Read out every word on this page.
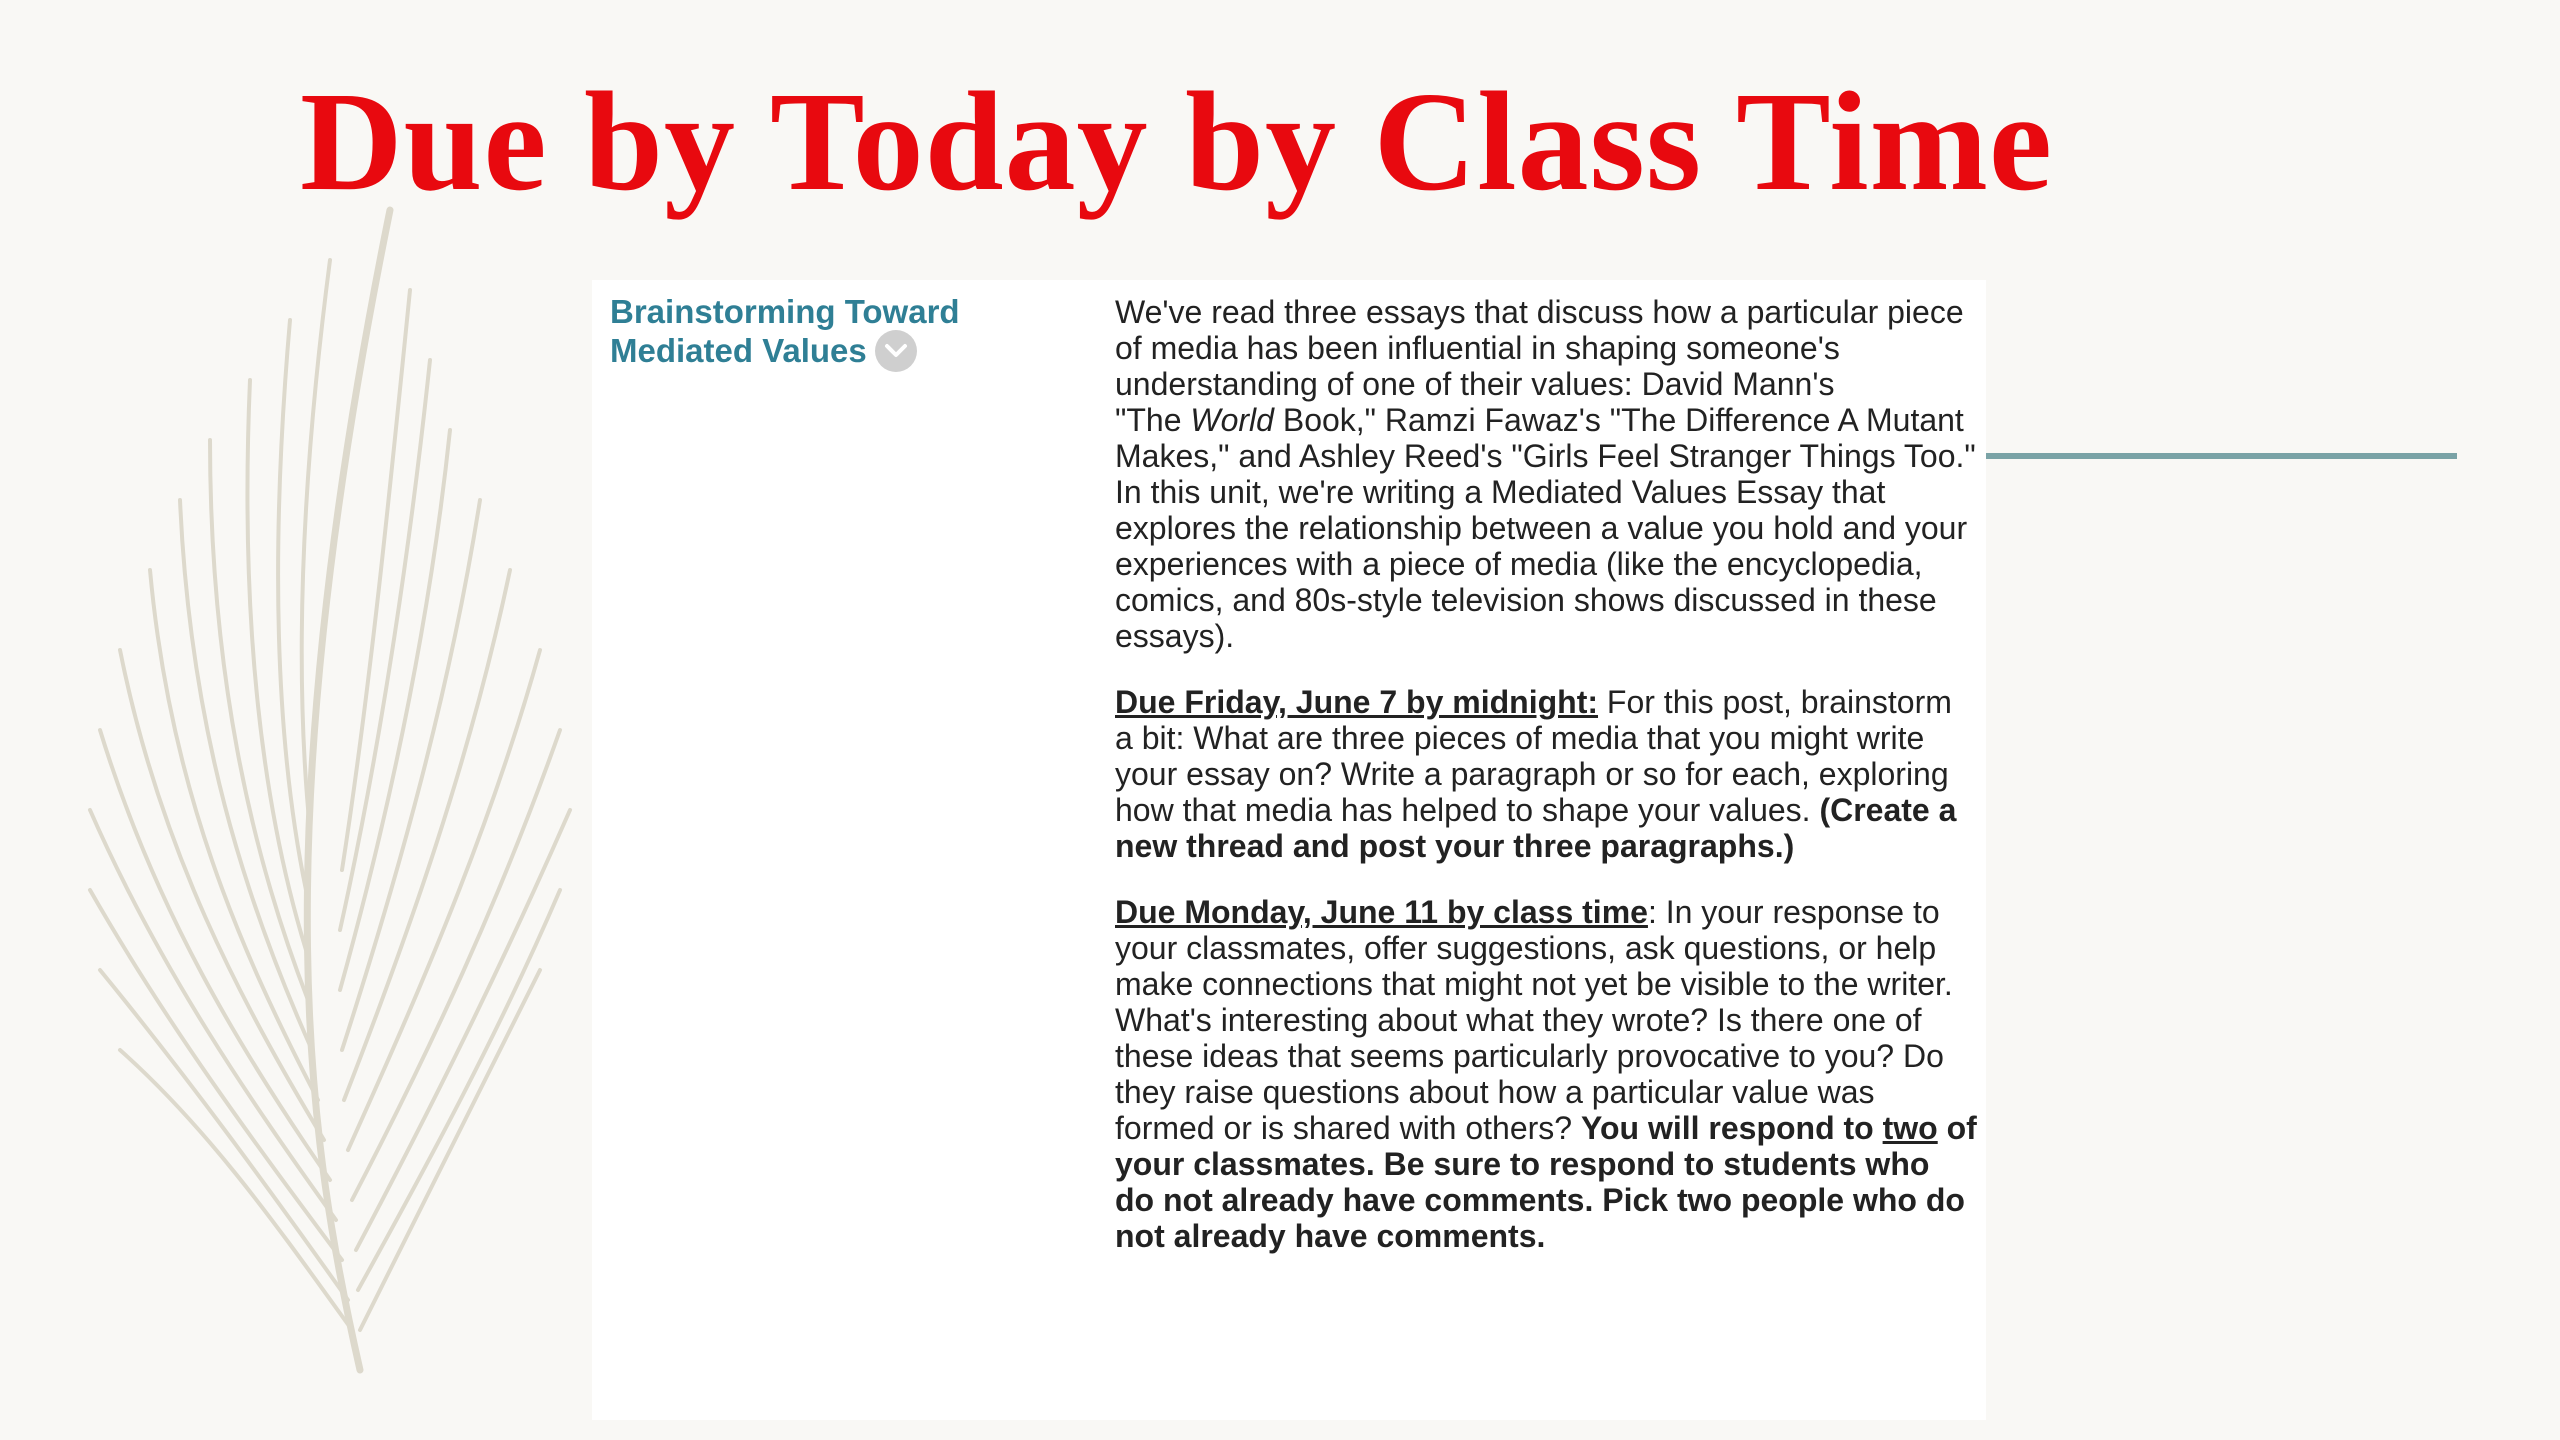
Due by Today by Class Time
Brainstorming Toward Mediated Values

We've read three essays that discuss how a particular piece of media has been influential in shaping someone's understanding of one of their values: David Mann's
"The World Book," Ramzi Fawaz's "The Difference A Mutant Makes," and Ashley Reed's "Girls Feel Stranger Things Too." In this unit, we're writing a Mediated Values Essay that explores the relationship between a value you hold and your experiences with a piece of media (like the encyclopedia, comics, and 80s-style television shows discussed in these essays).

Due Friday, June 7 by midnight: For this post, brainstorm a bit: What are three pieces of media that you might write your essay on? Write a paragraph or so for each, exploring how that media has helped to shape your values. (Create a new thread and post your three paragraphs.)

Due Monday, June 11 by class time: In your response to your classmates, offer suggestions, ask questions, or help make connections that might not yet be visible to the writer. What's interesting about what they wrote? Is there one of these ideas that seems particularly provocative to you? Do they raise questions about how a particular value was formed or is shared with others? You will respond to two of your classmates. Be sure to respond to students who do not already have comments. Pick two people who do not already have comments.
